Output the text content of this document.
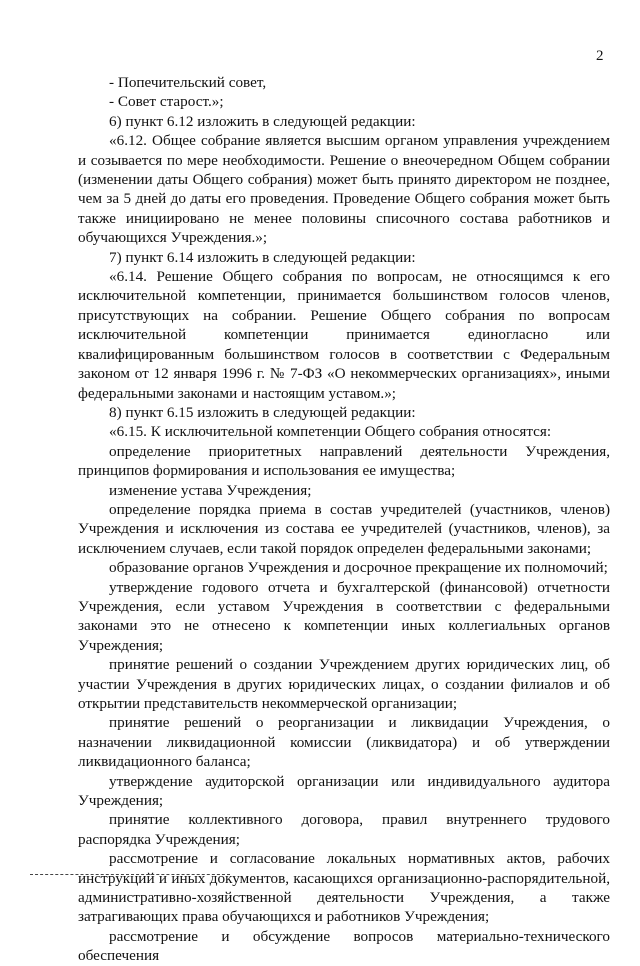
2

- Попечительский совет,

- Совет старост.»;

6) пункт 6.12 изложить в следующей редакции:

«6.12. Общее собрание является высшим органом управления учреждением и созывается по мере необходимости. Решение о внеочередном Общем собрании (изменении даты Общего собрания) может быть принято директором не позднее, чем за 5 дней до даты его проведения. Проведение Общего собрания может быть также инициировано не менее половины списочного состава работников и обучающихся Учреждения.»;

7) пункт 6.14 изложить в следующей редакции:

«6.14. Решение Общего собрания по вопросам, не относящимся к его исключительной компетенции, принимается большинством голосов членов, присутствующих на собрании. Решение Общего собрания по вопросам исключительной компетенции принимается единогласно или квалифицированным большинством голосов в соответствии с Федеральным законом от 12 января 1996 г. № 7-ФЗ «О некоммерческих организациях», иными федеральными законами и настоящим уставом.»;

8) пункт 6.15 изложить в следующей редакции:

«6.15. К исключительной компетенции Общего собрания относятся:

определение приоритетных направлений деятельности Учреждения, принципов формирования и использования ее имущества;

изменение устава Учреждения;

определение порядка приема в состав учредителей (участников, членов) Учреждения и исключения из состава ее учредителей (участников, членов), за исключением случаев, если такой порядок определен федеральными законами;

образование органов Учреждения и досрочное прекращение их полномочий;

утверждение годового отчета и бухгалтерской (финансовой) отчетности Учреждения, если уставом Учреждения в соответствии с федеральными законами это не отнесено к компетенции иных коллегиальных органов Учреждения;

принятие решений о создании Учреждением других юридических лиц, об участии Учреждения в других юридических лицах, о создании филиалов и об открытии представительств некоммерческой организации;

принятие решений о реорганизации и ликвидации Учреждения, о назначении ликвидационной комиссии (ликвидатора) и об утверждении ликвидационного баланса;

утверждение аудиторской организации или индивидуального аудитора Учреждения;

принятие коллективного договора, правил внутреннего трудового распорядка Учреждения;

рассмотрение и согласование локальных нормативных актов, рабочих инструкций и иных документов, касающихся организационно-распорядительной, административно-хозяйственной деятельности Учреждения, а также затрагивающих права обучающихся и работников Учреждения;

рассмотрение и обсуждение вопросов материально-технического обеспечения
